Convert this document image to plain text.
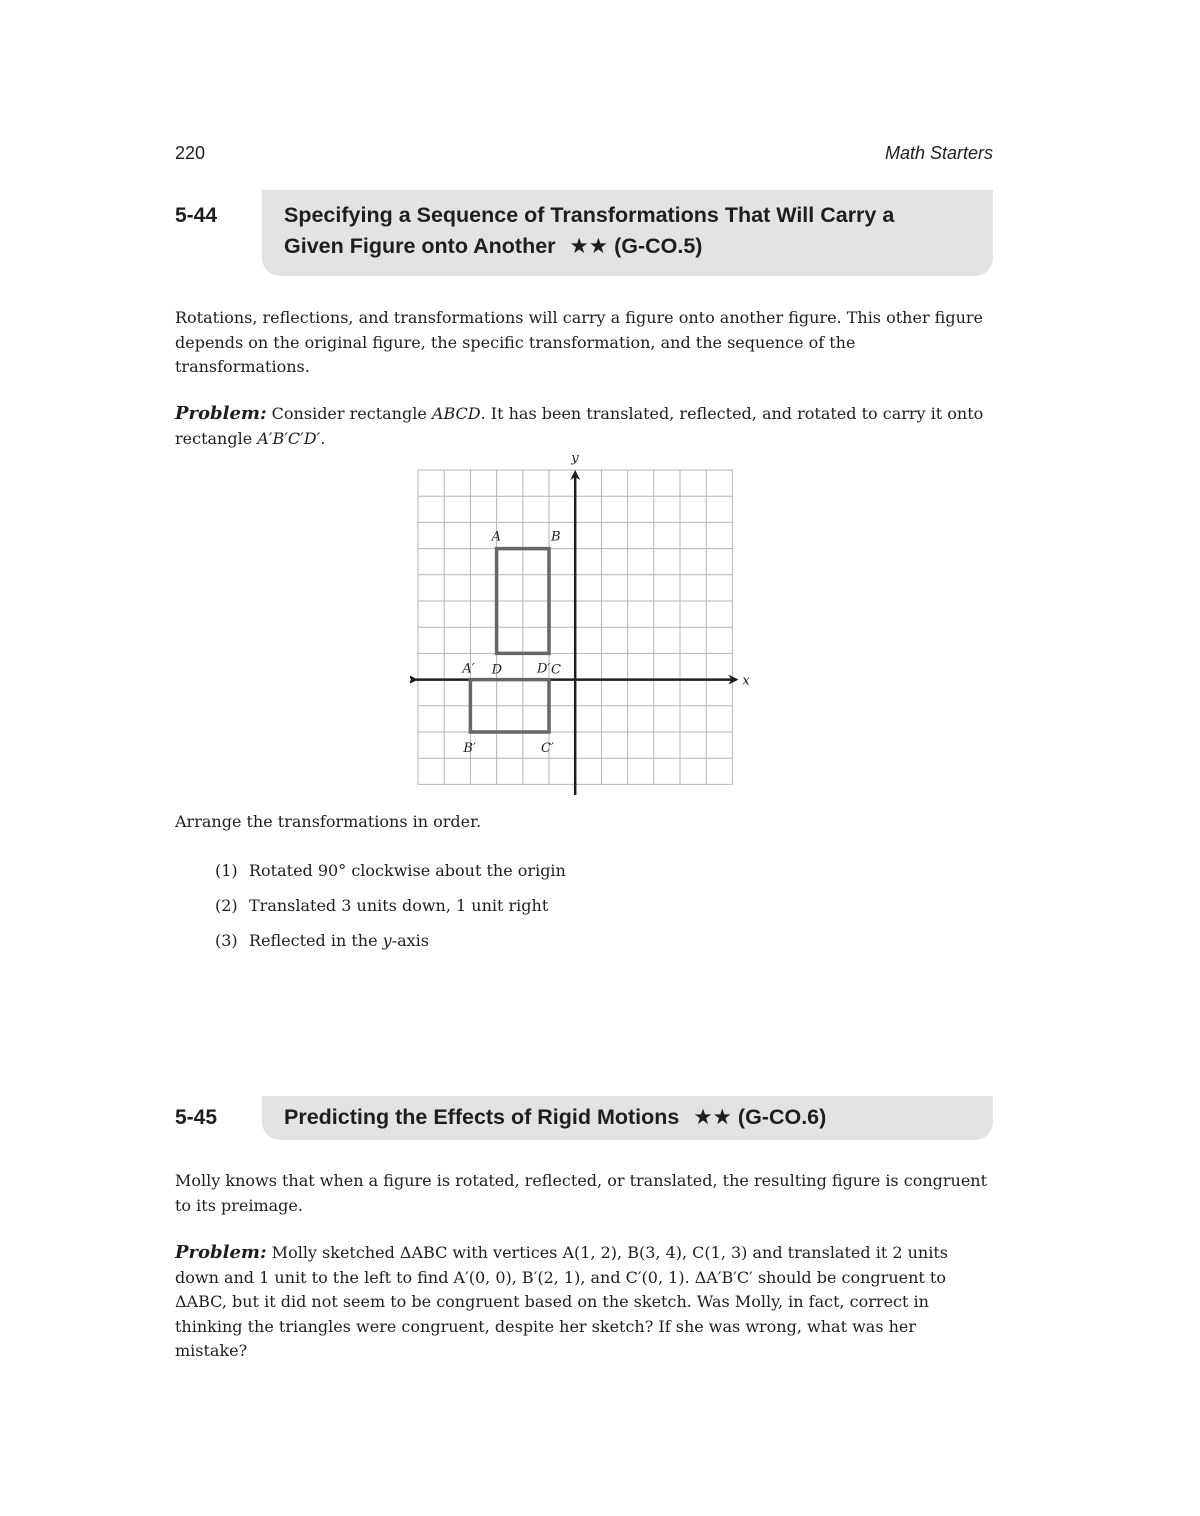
220	Math Starters
5-44	Specifying a Sequence of Transformations That Will Carry a
Given Figure onto Another ★★ (G-CO.5)
Rotations, reflections, and transformations will carry a figure onto another figure. This other figure depends on the original figure, the specific transformation, and the sequence of the transformations.
Problem: Consider rectangle ABCD. It has been translated, reflected, and rotated to carry it onto rectangle A′B′C′D′.
x
y
A	B
C
D
A′	D′
C′
B′
Arrange the transformations in order.
(1) Rotated 90° clockwise about the origin
(2) Translated 3 units down, 1 unit right
(3) Reflected in the y-axis
5-45	Predicting the Effects of Rigid Motions ★★ (G-CO.6)
Molly knows that when a figure is rotated, reflected, or translated, the resulting figure is congruent to its preimage.
Problem: Molly sketched ΔABC with vertices A(1, 2), B(3, 4), C(1, 3) and translated it 2 units down and 1 unit to the left to find A′(0, 0), B′(2, 1), and C′(0, 1). ΔA′B′C′ should be congruent to ΔABC, but it did not seem to be congruent based on the sketch. Was Molly, in fact, correct in thinking the triangles were congruent, despite her sketch? If she was wrong, what was her mistake?
